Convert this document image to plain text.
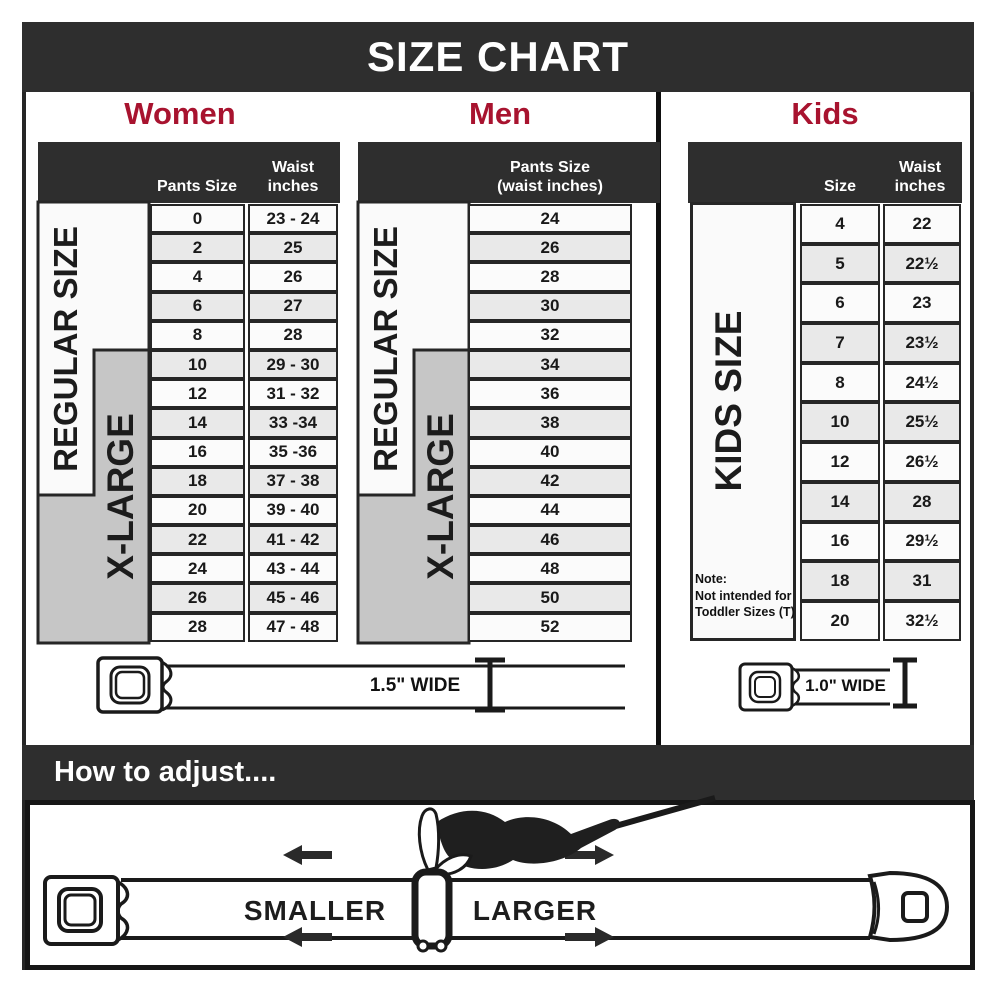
SIZE CHART
Women	Men	Kids
Pants Size
Waist
inches
REGULAR SIZE
X-LARGE
0	23 - 24
2	25
4	26
6	27
8	28
10	29 - 30
12	31 - 32
14	33 -34
16	35 -36
18	37 - 38
20	39 - 40
22	41 - 42
24	43 - 44
26	45 - 46
28	47 - 48
Pants Size
(waist inches)
REGULAR SIZE
X-LARGE
24
26
28
30
32
34
36
38
40
42
44
46
48
50
52
Size
Waist
inches
KIDS SIZE
Note:
Not intended for
Toddler Sizes (T)
4	22
5	22½
6	23
7	23½
8	24½
10	25½
12	26½
14	28
16	29½
18	31
20	32½
1.5" WIDE	1.0" WIDE
How to adjust....
SMALLER	LARGER
